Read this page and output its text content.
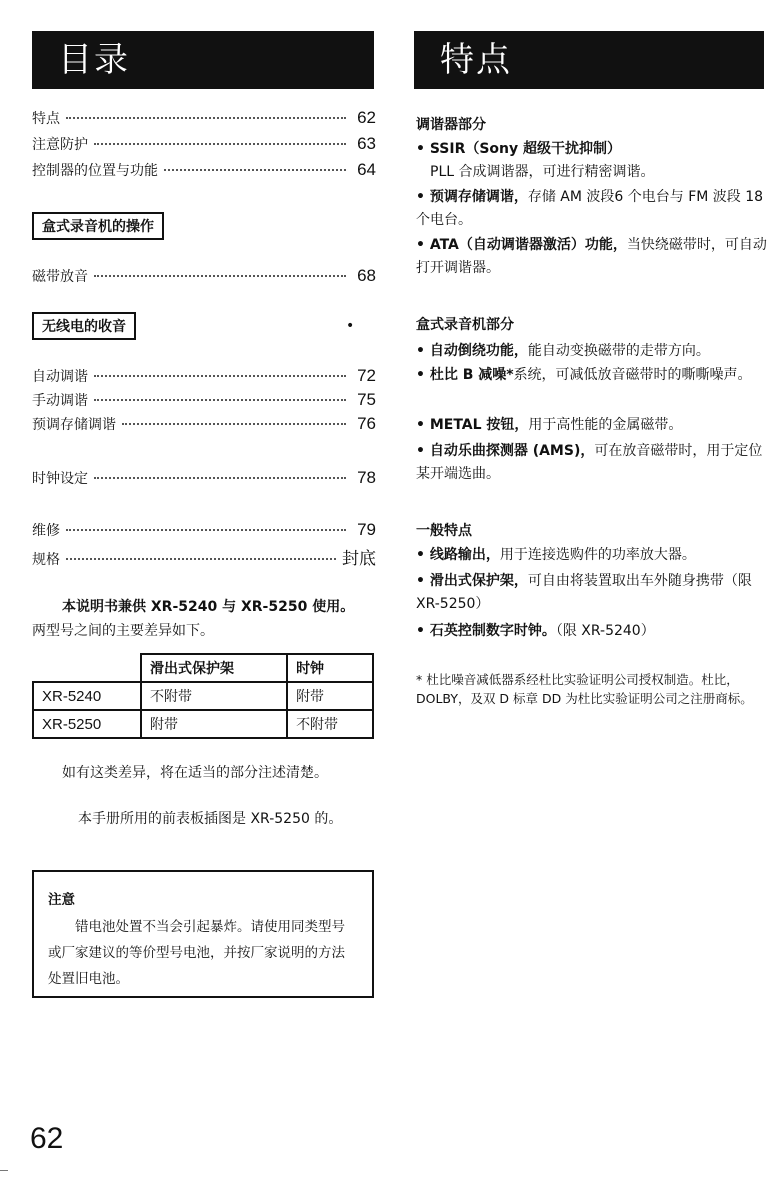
目录	特点
特点	62
注意防护	63
控制器的位置与功能	64
盒式录音机的操作
磁带放音	68
无线电的收音	•
自动调谐	72
手动调谐	75
预调存储调谐	76
时钟设定	78
维修	79
规格	封底
本说明书兼供 XR-5240 与 XR-5250 使用。
两型号之间的主要差异如下。
	滑出式保护架	时钟
XR-5240	不附带	附带
XR-5250	附带	不附带
如有这类差异，将在适当的部分注述清楚。
本手册所用的前表板插图是 XR-5250 的。
注意
错电池处置不当会引起暴炸。请使用同类型号或厂家建议的等价型号电池，并按厂家说明的方法处置旧电池。
调谐器部分
• SSIR（Sony 超级干扰抑制）
PLL 合成调谐器，可进行精密调谐。
• 预调存储调谐，存储 AM 波段6 个电台与 FM 波段 18 个电台。
• ATA（自动调谐器激活）功能，当快绕磁带时，可自动打开调谐器。
盒式录音机部分
• 自动倒绕功能，能自动变换磁带的走带方向。
• 杜比 B 减噪*系统，可减低放音磁带时的嘶嘶噪声。
• METAL 按钮，用于高性能的金属磁带。
• 自动乐曲探测器 (AMS)，可在放音磁带时，用于定位某开端选曲。
一般特点
• 线路输出，用于连接选购件的功率放大器。
• 滑出式保护架，可自由将装置取出车外随身携带（限 XR-5250）
• 石英控制数字时钟。（限 XR-5240）
* 杜比噪音减低器系经杜比实验证明公司授权制造。杜比，DOLBY，及双 D 标章 DD 为杜比实验证明公司之注册商标。
62
